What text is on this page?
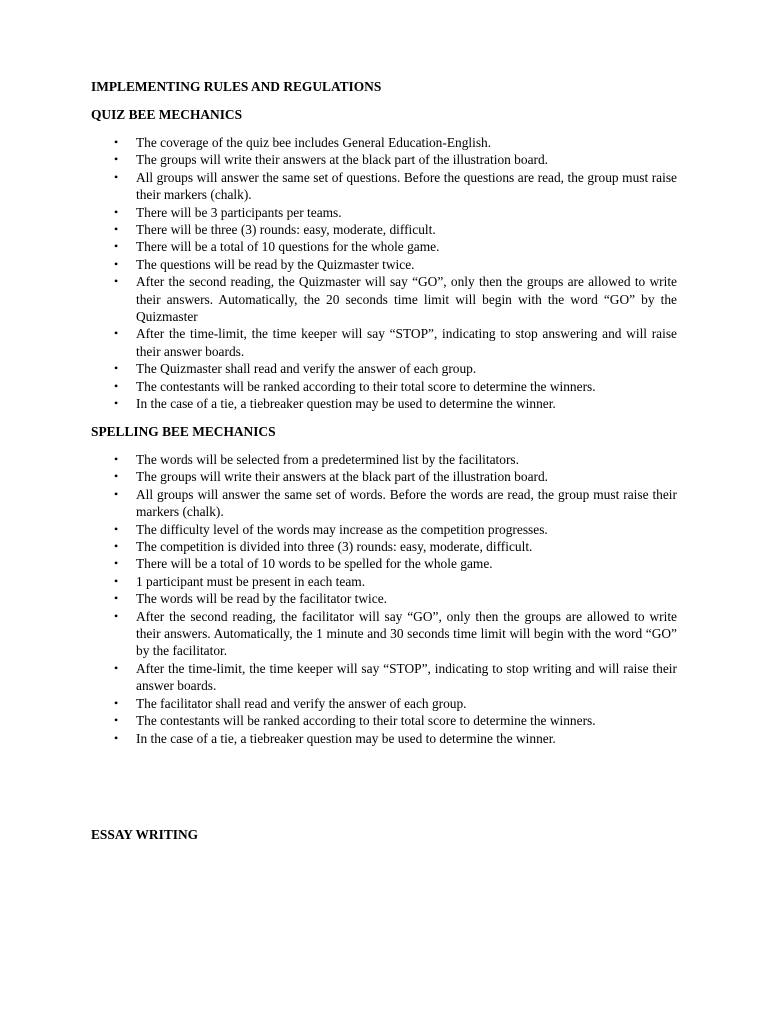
IMPLEMENTING RULES AND REGULATIONS
QUIZ BEE MECHANICS
• The coverage of the quiz bee includes General Education-English.
• The groups will write their answers at the black part of the illustration board.
• All groups will answer the same set of questions. Before the questions are read, the group must raise their markers (chalk).
• There will be 3 participants per teams.
• There will be three (3) rounds: easy, moderate, difficult.
• There will be a total of 10 questions for the whole game.
• The questions will be read by the Quizmaster twice.
• After the second reading, the Quizmaster will say “GO”, only then the groups are allowed to write their answers. Automatically, the 20 seconds time limit will begin with the word “GO” by the Quizmaster
• After the time-limit, the time keeper will say “STOP”, indicating to stop answering and will raise their answer boards.
• The Quizmaster shall read and verify the answer of each group.
• The contestants will be ranked according to their total score to determine the winners.
• In the case of a tie, a tiebreaker question may be used to determine the winner.
SPELLING BEE MECHANICS
• The words will be selected from a predetermined list by the facilitators.
• The groups will write their answers at the black part of the illustration board.
• All groups will answer the same set of words. Before the words are read, the group must raise their markers (chalk).
• The difficulty level of the words may increase as the competition progresses.
• The competition is divided into three (3) rounds: easy, moderate, difficult.
• There will be a total of 10 words to be spelled for the whole game.
• 1 participant must be present in each team.
• The words will be read by the facilitator twice.
• After the second reading, the facilitator will say “GO”, only then the groups are allowed to write their answers. Automatically, the 1 minute and 30 seconds time limit will begin with the word “GO” by the facilitator.
• After the time-limit, the time keeper will say “STOP”, indicating to stop writing and will raise their answer boards.
• The facilitator shall read and verify the answer of each group.
• The contestants will be ranked according to their total score to determine the winners.
• In the case of a tie, a tiebreaker question may be used to determine the winner.
ESSAY WRITING
